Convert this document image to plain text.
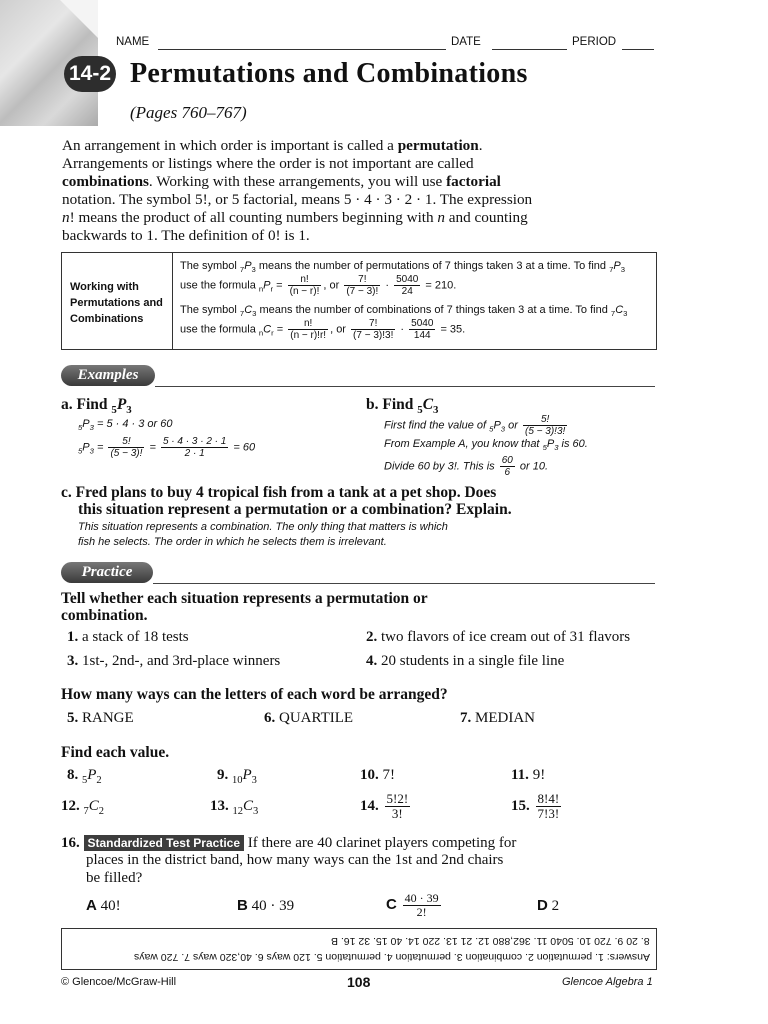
NAME	DATE	PERIOD
14-2 Permutations and Combinations
(Pages 760–767)
An arrangement in which order is important is called a permutation. Arrangements or listings where the order is not important are called combinations. Working with these arrangements, you will use factorial notation. The symbol 5!, or 5 factorial, means 5 · 4 · 3 · 2 · 1. The expression n! means the product of all counting numbers beginning with n and counting backwards to 1. The definition of 0! is 1.
Working with Permutations and Combinations
The symbol $_7P_3$ means the number of permutations of 7 things taken 3 at a time. To find $_7P_3$
use the formula $_nP_r = \frac{n!}{(n - r)!}$ , or $\frac{7!}{(7 - 3)!} \cdot \frac{5040}{24} = 210$.
The symbol $_7C_3$ means the number of combinations of 7 things taken 3 at a time. To find $_7C_3$
use the formula $_nC_r = \frac{n!}{(n - r)!r!}$ , or $\frac{7!}{(7 - 3)!3!} \cdot \frac{5040}{144} = 35$.
Examples
a. Find $_5P_3$
$_5P_3 = 5 \cdot 4 \cdot 3$ or 60
$_5P_3 = \frac{5!}{(5 - 3)!} = \frac{5 \cdot 4 \cdot 3 \cdot 2 \cdot 1}{2 \cdot 1} = 60$
b. Find $_5C_3$
First find the value of $_5P_3$ or $\frac{5!}{(5 - 3)!3!}$
From Example A, you know that $_5P_3$ is 60.
Divide 60 by 3!. This is $\frac{60}{6}$ or 10.
c. Fred plans to buy 4 tropical fish from a tank at a pet shop. Does
this situation represent a permutation or a combination? Explain.
This situation represents a combination. The only thing that matters is which
fish he selects. The order in which he selects them is irrelevant.
Practice
Tell whether each situation represents a permutation or
combination.
1. a stack of 18 tests	2. two flavors of ice cream out of 31 flavors
3. 1st-, 2nd-, and 3rd-place winners	4. 20 students in a single file line
How many ways can the letters of each word be arranged?
5. RANGE	6. QUARTILE	7. MEDIAN
Find each value.
8. $_5P_2$	9. $_{10}P_3$	10. 7!	11. 9!
12. $_7C_2$	13. $_{12}C_3$	14. $\frac{5!2!}{3!}$	15. $\frac{8!4!}{7!3!}$
16. Standardized Test Practice If there are 40 clarinet players competing for
places in the district band, how many ways can the 1st and 2nd chairs
be filled?
A 40!	B 40 · 39	C $\frac{40 \cdot 39}{2!}$	D 2
Answers: 1. permutation 2. combination 3. permutation 4. permutation 5. 120 ways 6. 40,320 ways 7. 720 ways
8. 20 9. 720 10. 5040 11. 362,880 12. 21 13. 220 14. 40 15. 32 16. B
© Glencoe/McGraw-Hill	108	Glencoe Algebra 1
